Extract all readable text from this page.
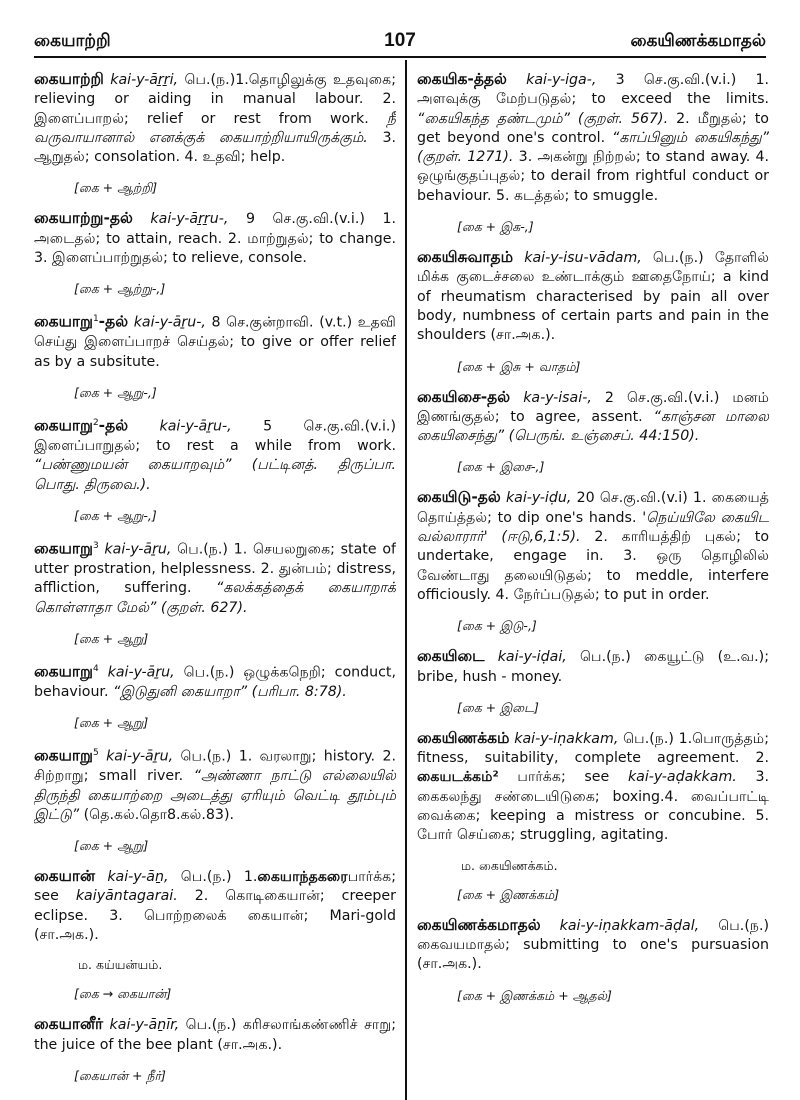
கையாற்றி	107	கையிணக்கமாதல்
கையாற்றி kai-y-āṟṟi, பெ.(ந.)1.தொழிலுக்கு உதவுகை; relieving or aiding in manual labour. 2. இளைப்பாறல்; relief or rest from work. நீ வருவாயானால் எனக்குக் கையாற்றியாயிருக்கும். 3. ஆறுதல்; consolation. 4. உதவி; help.
[கை + ஆற்றி]
கையாற்று-தல் kai-y-āṟṟu-, 9 செ.கு.வி.(v.i.) 1. அடைதல்; to attain, reach. 2. மாற்றுதல்; to change. 3. இளைப்பாற்றுதல்; to relieve, console.
[கை + ஆற்று-,]
கையாறு$^1$-தல் kai-y-āṟu-, 8 செ.குன்றாவி. (v.t.) உதவி செய்து இளைப்பாறச் செய்தல்; to give or offer relief as by a subsitute.
[கை + ஆறு-,]
கையாறு$^2$-தல் kai-y-āṟu-, 5 செ.கு.வி.(v.i.) இளைப்பாறுதல்; to rest a while from work. “பண்ணுமயன் கையாறவும்” (பட்டினத். திருப்பா. பொது. திருவை.).
[கை + ஆறு-,]
கையாறு$^3$ kai-y-āṟu, பெ.(ந.) 1. செயலறுகை; state of utter prostration, helplessness. 2. துன்பம்; distress, affliction, suffering. “கலக்கத்தைக் கையாறாக் கொள்ளாதா மேல்” (குறள். 627).
[கை + ஆறு]
கையாறு$^4$ kai-y-āṟu, பெ.(ந.) ஒழுக்கநெறி; conduct, behaviour. “இடுதுனி கையாறா” (பரிபா. 8:78).
[கை + ஆறு]
கையாறு$^5$ kai-y-āṟu, பெ.(ந.) 1. வரலாறு; history. 2. சிற்றாறு; small river. “அண்ணா நாட்டு எல்லையில் திருந்தி கையாற்றை அடைத்து ஏரியும் வெட்டி தூம்பும் இட்டு” (தெ.கல்.தொ8.கல்.83).
[கை + ஆறு]
கையான் kai-y-āṉ, பெ.(ந.) 1.கையாந்தகரைபார்க்க; see kaiyāntagarai. 2. கொடிகையான்; creeper eclipse. 3. பொற்றலைக் கையான்; Mari-gold (சா.அக.).
ம. கய்யன்யம்.
[கை → கையான்]
கையானீர் kai-y-āṉīr, பெ.(ந.) கரிசலாங்கண்ணிச் சாறு; the juice of the bee plant (சா.அக.).
[கையான் + நீர்]
கையிக-த்தல் kai-y-iga-, 3 செ.கு.வி.(v.i.) 1. அளவுக்கு மேற்படுதல்; to exceed the limits. “கையிகந்த தண்டமும்” (குறள். 567). 2. மீறுதல்; to get beyond one's control. “காப்பினும் கையிகந்து” (குறள். 1271). 3. அகன்று நிற்றல்; to stand away. 4. ஒழுங்குதப்புதல்; to derail from rightful conduct or behaviour. 5. கடத்தல்; to smuggle.
[கை + இக-,]
கையிசுவாதம் kai-y-isu-vādam, பெ.(ந.) தோளில் மிக்க குடைச்சலை உண்டாக்கும் ஊதைநோய்; a kind of rheumatism characterised by pain all over body, numbness of certain parts and pain in the shoulders (சா.அக.).
[கை + இசு + வாதம்]
கையிசை-தல் ka-y-isai-, 2 செ.கு.வி.(v.i.) மனம் இணங்குதல்; to agree, assent. “காஞ்சன மாலை கையிசைந்து” (பெருங். உஞ்சைப். 44:150).
[கை + இசை-,]
கையிடு-தல் kai-y-iḍu, 20 செ.கு.வி.(v.i) 1. கையைத் தொய்த்தல்; to dip one's hands. 'நெய்யிலே கையிட வல்லாரார்' (ஈடு,6,1:5). 2. காரியத்திற் புகல்; to undertake, engage in. 3. ஒரு தொழிலில் வேண்டாது தலையிடுதல்; to meddle, interfere officiously. 4. நேர்ப்படுதல்; to put in order.
[கை + இடு-,]
கையிடை kai-y-iḍai, பெ.(ந.) கையூட்டு (உ.வ.); bribe, hush - money.
[கை + இடை]
கையிணக்கம் kai-y-iṇakkam, பெ.(ந.) 1.பொருத்தம்; fitness, suitability, complete agreement. 2. கையடக்கம்² பார்க்க; see kai-y-aḍakkam. 3. கைகலந்து சண்டையிடுகை; boxing.4. வைப்பாட்டி வைக்கை; keeping a mistress or concubine. 5. போர் செய்கை; struggling, agitating.
ம. கையிணக்கம்.
[கை + இணக்கம்]
கையிணக்கமாதல் kai-y-iṇakkam-āḍal, பெ.(ந.) கைவயமாதல்; submitting to one's pursuasion (சா.அக.).
[கை + இணக்கம் + ஆதல்]
